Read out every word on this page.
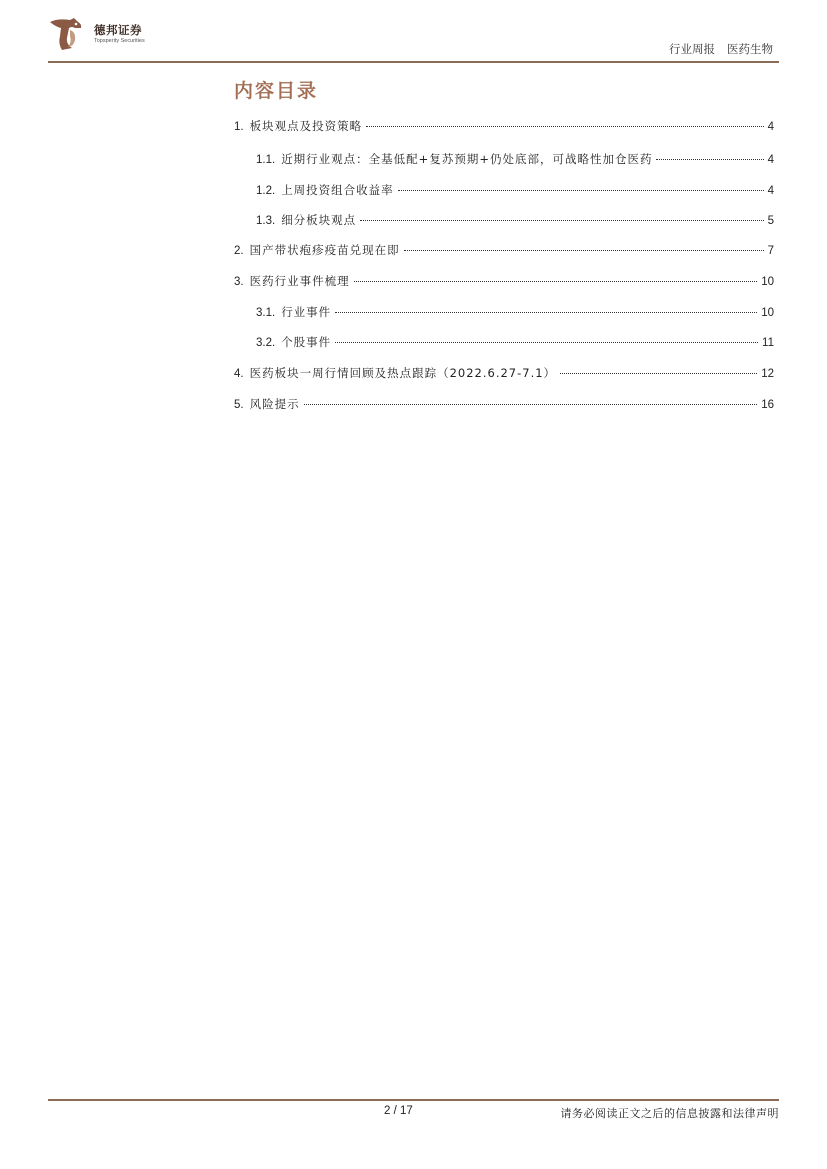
德邦证券
Topsperity Securities
行业周报 医药生物
内容目录
1. 板块观点及投资策略	4
1.1. 近期行业观点：全基低配+复苏预期+仍处底部，可战略性加仓医药	4
1.2. 上周投资组合收益率	4
1.3. 细分板块观点	5
2. 国产带状疱疹疫苗兑现在即	7
3. 医药行业事件梳理	10
3.1. 行业事件	10
3.2. 个股事件	11
4. 医药板块一周行情回顾及热点跟踪（2022.6.27-7.1）	12
5. 风险提示	16
2 / 17	请务必阅读正文之后的信息披露和法律声明
